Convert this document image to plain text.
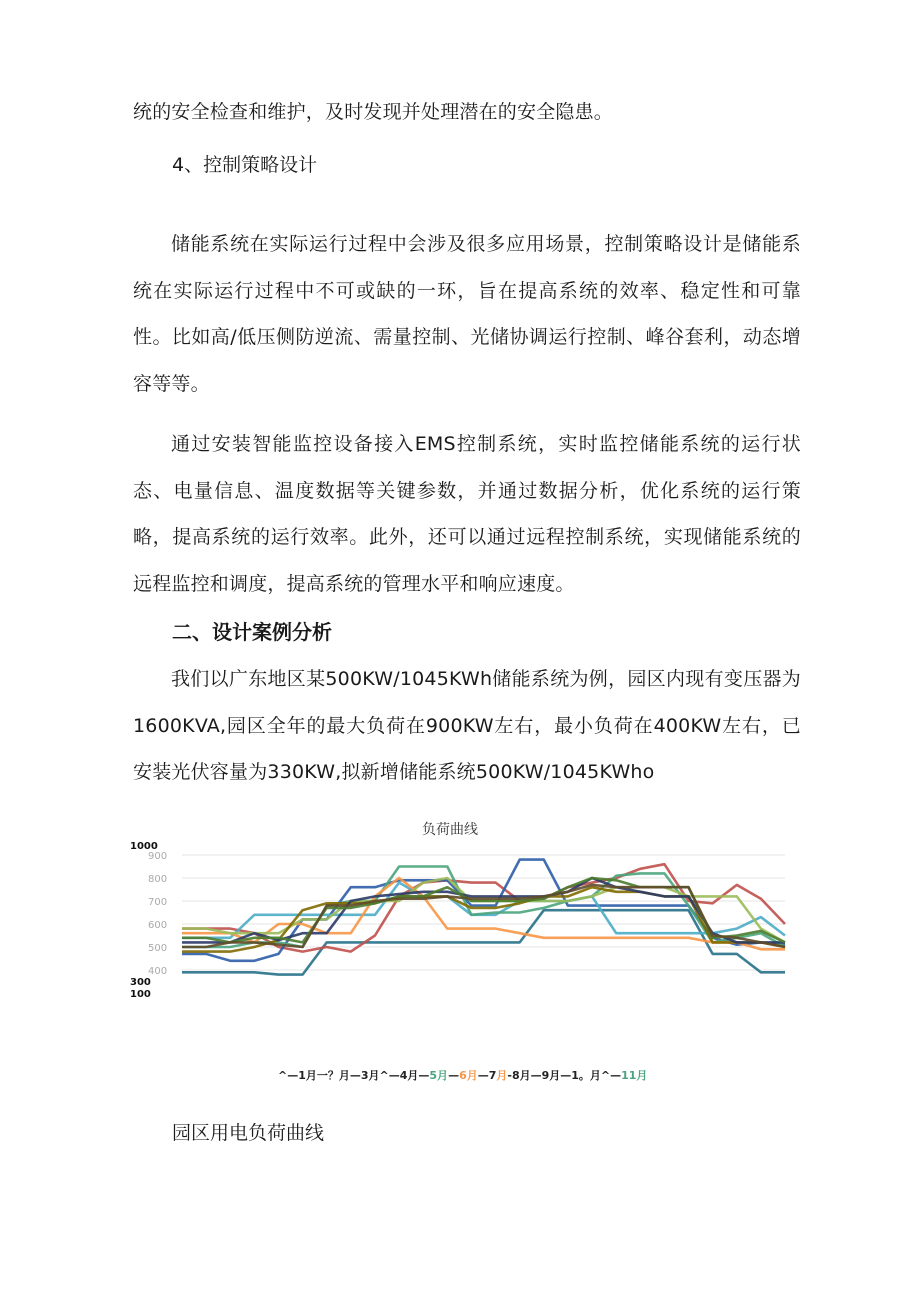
统的安全检查和维护，及时发现并处理潜在的安全隐患。

4、控制策略设计

储能系统在实际运行过程中会涉及很多应用场景，控制策略设计是储能系统在实际运行过程中不可或缺的一环，旨在提高系统的效率、稳定性和可靠性。比如高/低压侧防逆流、需量控制、光储协调运行控制、峰谷套利，动态增容等等。

通过安装智能监控设备接入EMS控制系统，实时监控储能系统的运行状态、电量信息、温度数据等关键参数，并通过数据分析，优化系统的运行策略，提高系统的运行效率。此外，还可以通过远程控制系统，实现储能系统的远程监控和调度，提高系统的管理水平和响应速度。

二、设计案例分析

我们以广东地区某500KW/1045KWh储能系统为例，园区内现有变压器为1600KVA,园区全年的最大负荷在900KW左右，最小负荷在400KW左右，已安装光伏容量为330KW,拟新增储能系统500KW/1045KWho

负荷曲线
900
800
700
600
500
400
1000
300
100
^—1月一？月—3月^—4月—5月—6月—7月-8月—9月—1。月^—11月
园区用电负荷曲线
